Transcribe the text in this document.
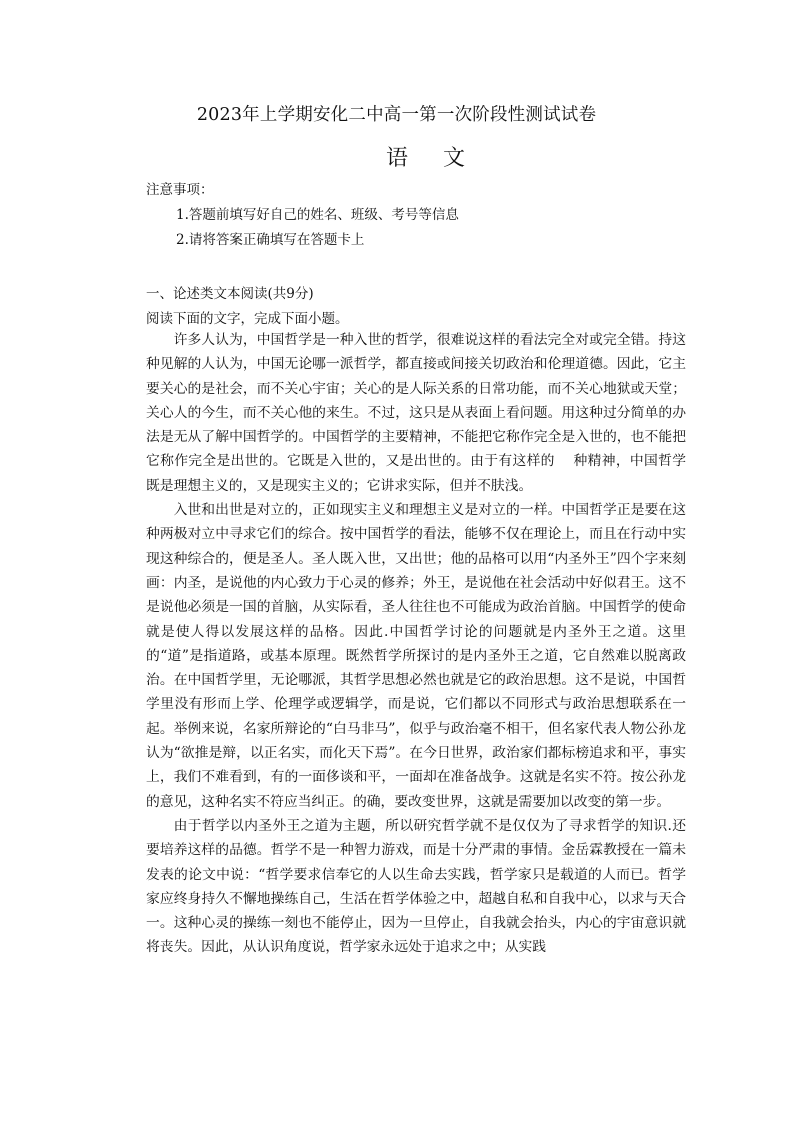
2023年上学期安化二中高一第一次阶段性测试试卷
语 文
注意事项：
1.答题前填写好自己的姓名、班级、考号等信息
2.请将答案正确填写在答题卡上
一、论述类文本阅读(共9分)
阅读下面的文字，完成下面小题。

许多人认为，中国哲学是一种入世的哲学，很难说这样的看法完全对或完全错。持这种见解的人认为，中国无论哪一派哲学，都直接或间接关切政治和伦理道德。因此，它主要关心的是社会，而不关心宇宙；关心的是人际关系的日常功能，而不关心地狱或天堂；关心人的今生，而不关心他的来生。不过，这只是从表面上看问题。用这种过分简单的办法是无从了解中国哲学的。中国哲学的主要精神，不能把它称作完全是入世的，也不能把它称作完全是出世的。它既是入世的，又是出世的。由于有这样的　 种精神，中国哲学既是理想主义的，又是现实主义的；它讲求实际，但并不肤浅。

入世和出世是对立的，正如现实主义和理想主义是对立的一样。中国哲学正是要在这种两极对立中寻求它们的综合。按中国哲学的看法，能够不仅在理论上，而且在行动中实现这种综合的，便是圣人。圣人既入世，又出世；他的品格可以用“内圣外王”四个字来刻画：内圣，是说他的内心致力于心灵的修养；外王，是说他在社会活动中好似君王。这不是说他必须是一国的首脑，从实际看，圣人往往也不可能成为政治首脑。中国哲学的使命就是使人得以发展这样的品格。因此.中国哲学讨论的问题就是内圣外王之道。这里的“道”是指道路，或基本原理。既然哲学所探讨的是内圣外王之道，它自然难以脱离政治。在中国哲学里，无论哪派，其哲学思想必然也就是它的政治思想。这不是说，中国哲学里没有形而上学、伦理学或逻辑学，而是说，它们都以不同形式与政治思想联系在一起。举例来说，名家所辩论的“白马非马”，似乎与政治毫不相干，但名家代表人物公孙龙认为“欲推是辩，以正名实，而化天下焉”。在今日世界，政治家们都标榜追求和平，事实上，我们不难看到，有的一面侈谈和平，一面却在准备战争。这就是名实不符。按公孙龙的意见，这种名实不符应当纠正。的确，要改变世界，这就是需要加以改变的第一步。

由于哲学以内圣外王之道为主题，所以研究哲学就不是仅仅为了寻求哲学的知识.还要培养这样的品德。哲学不是一种智力游戏，而是十分严肃的事情。金岳霖教授在一篇未发表的论文中说：“哲学要求信奉它的人以生命去实践，哲学家只是载道的人而已。哲学家应终身持久不懈地操练自己，生活在哲学体验之中，超越自私和自我中心，以求与天合一。这种心灵的操练一刻也不能停止，因为一旦停止，自我就会抬头，内心的宇宙意识就将丧失。因此，从认识角度说，哲学家永远处于追求之中；从实践
